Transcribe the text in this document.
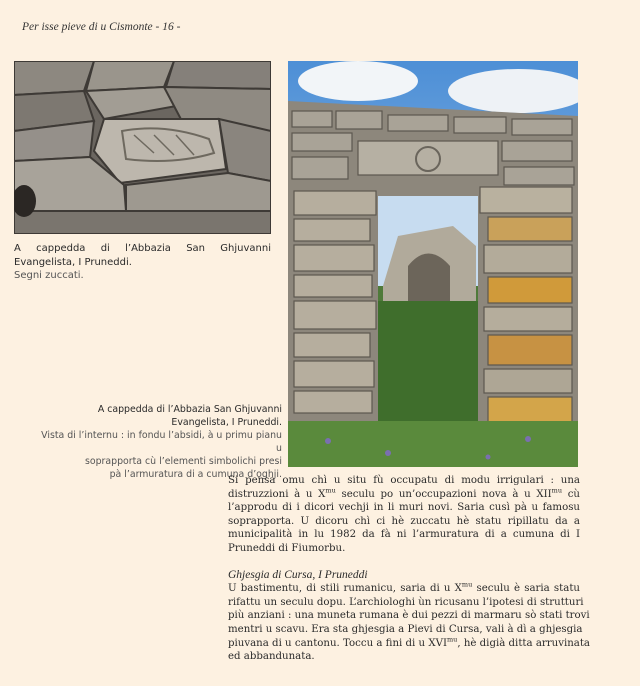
Per isse pieve di u Cismonte - 16 -
A cappedda di l’Abbazia San Ghjuvanni Evangelista, I Pruneddi.
Segni zuccati.
A cappedda di l’Abbazia San Ghjuvanni
Evangelista, I Pruneddi.
Vista di l’internu : in fondu l’absidi, à u primu pianu u
soprapporta cù l’elementi simbolichi presi
pà l’armuratura di a cumuna d’oghji.

Si pensa omu chì u situ fù occupatu di modu irrigulari : una
distruzzioni à u $X^{mu}$ seculu po un’occupazioni nova à u $XII^{mu}$ cù
l’appr​odu di i dicori vechji in li muri novi. Saria cusì pà u famosu
soprapporta. U dicoru chì ci hè zuccatu hè statu ripillatu da a
municipalità in lu 1982 da fà ni l’armuratura di a cumuna di I
Pruneddi di Fiumorbu.

Ghjesgia di Cursa, I Pruneddi

U bastimentu, di stili rumanicu, saria di u $X^{mu}$ seculu è saria statu
rifattu un seculu dopu. L’archiologhi ùn ricusanu l’ipotesi di strutturi
più anziani : una muneta rumana è dui pezzi di marmaru sò stati trovi
mentri u scavu. Era sta ghjesgia a Pievi di Cursa, vali à dì a ghjesgia
piuvana di u cantonu. Toccu a fini di u $XVI^{mu}$, hè digià ditta arruvinata
ed abbandunata.
